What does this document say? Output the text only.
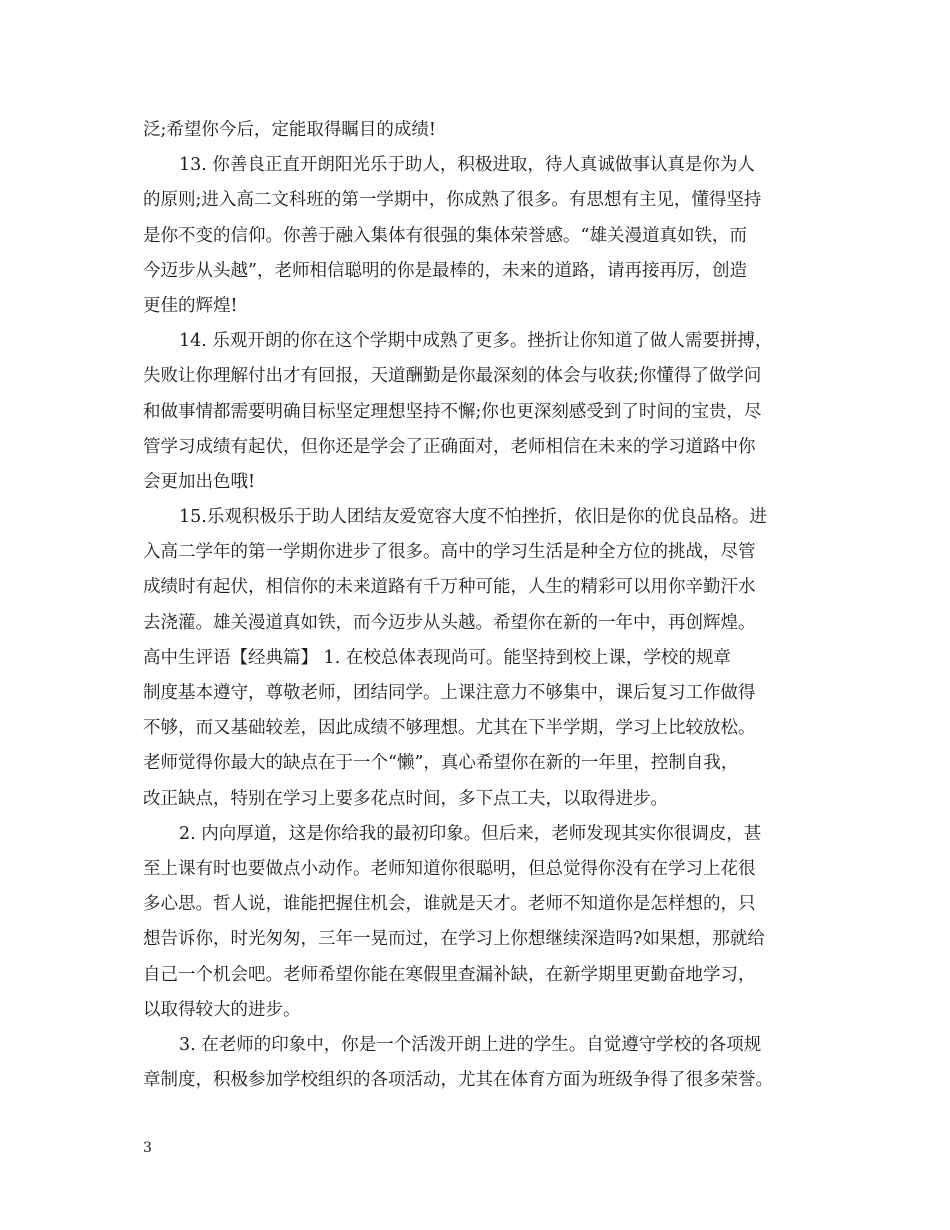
泛;希望你今后，定能取得瞩目的成绩!
13. 你善良正直开朗阳光乐于助人，积极进取，待人真诚做事认真是你为人
的原则;进入高二文科班的第一学期中，你成熟了很多。有思想有主见，懂得坚持
是你不变的信仰。你善于融入集体有很强的集体荣誉感。“雄关漫道真如铁，而
今迈步从头越”，老师相信聪明的你是最棒的，未来的道路，请再接再厉，创造
更佳的辉煌!
14. 乐观开朗的你在这个学期中成熟了更多。挫折让你知道了做人需要拼搏，
失败让你理解付出才有回报，天道酬勤是你最深刻的体会与收获;你懂得了做学问
和做事情都需要明确目标坚定理想坚持不懈;你也更深刻感受到了时间的宝贵，尽
管学习成绩有起伏，但你还是学会了正确面对，老师相信在未来的学习道路中你
会更加出色哦!
15.乐观积极乐于助人团结友爱宽容大度不怕挫折，依旧是你的优良品格。进
入高二学年的第一学期你进步了很多。高中的学习生活是种全方位的挑战，尽管
成绩时有起伏，相信你的未来道路有千万种可能，人生的精彩可以用你辛勤汗水
去浇灌。雄关漫道真如铁，而今迈步从头越。希望你在新的一年中，再创辉煌。
高中生评语【经典篇】 1. 在校总体表现尚可。能坚持到校上课，学校的规章
制度基本遵守，尊敬老师，团结同学。上课注意力不够集中，课后复习工作做得
不够，而又基础较差，因此成绩不够理想。尤其在下半学期，学习上比较放松。
老师觉得你最大的缺点在于一个“懒”，真心希望你在新的一年里，控制自我，
改正缺点，特别在学习上要多花点时间，多下点工夫，以取得进步。
2. 内向厚道，这是你给我的最初印象。但后来，老师发现其实你很调皮，甚
至上课有时也要做点小动作。老师知道你很聪明，但总觉得你没有在学习上花很
多心思。哲人说，谁能把握住机会，谁就是天才。老师不知道你是怎样想的，只
想告诉你，时光匆匆，三年一晃而过，在学习上你想继续深造吗?如果想，那就给
自己一个机会吧。老师希望你能在寒假里查漏补缺，在新学期里更勤奋地学习，
以取得较大的进步。
3. 在老师的印象中，你是一个活泼开朗上进的学生。自觉遵守学校的各项规
章制度，积极参加学校组织的各项活动，尤其在体育方面为班级争得了很多荣誉。
3
